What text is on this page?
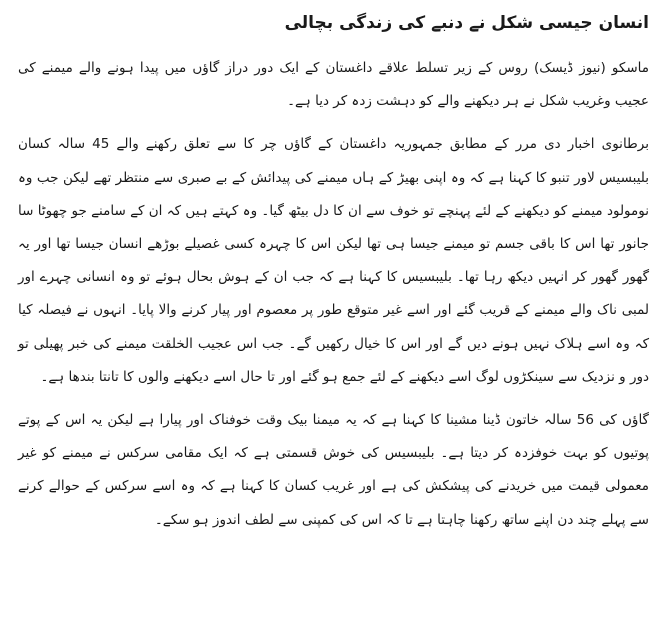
انسان جیسی شکل نے دنبے کی زندگی بچالی

ماسکو (نیوز ڈیسک) روس کے زیر تسلط علاقے داغستان کے ایک دور دراز گاؤں میں پیدا ہونے والے میمنے کی عجیب وغریب شکل نے ہر دیکھنے والے کو دہشت زدہ کر دیا ہے۔

برطانوی اخبار دی مرر کے مطابق جمہوریہ داغستان کے گاؤں چر کا سے تعلق رکھنے والے 45 سالہ کسان بلیبسیس لاور تنبو کا کہنا ہے کہ وہ اپنی بھیڑ کے ہاں میمنے کی پیدائش کے بے صبری سے منتظر تھے لیکن جب وہ نومولود میمنے کو دیکھنے کے لئے پہنچے تو خوف سے ان کا دل بیٹھ گیا۔ وہ کہتے ہیں کہ ان کے سامنے جو چھوٹا سا جانور تھا اس کا باقی جسم تو میمنے جیسا ہی تھا لیکن اس کا چہرہ کسی غصیلے بوڑھے انسان جیسا تھا اور یہ گھور گھور کر انہیں دیکھ رہا تھا۔ بلیبسیس کا کہنا ہے کہ جب ان کے ہوش بحال ہوئے تو وہ انسانی چہرے اور لمبی ناک والے میمنے کے قریب گئے اور اسے غیر متوقع طور پر معصوم اور پیار کرنے والا پایا۔ انہوں نے فیصلہ کیا کہ وہ اسے ہلاک نہیں ہونے دیں گے اور اس کا خیال رکھیں گے۔ جب اس عجیب الخلقت میمنے کی خبر پھیلی تو دور و نزدیک سے سینکڑوں لوگ اسے دیکھنے کے لئے جمع ہو گئے اور تا حال اسے دیکھنے والوں کا تانتا بندھا ہے۔

گاؤں کی 56 سالہ خاتون ڈینا مشینا کا کہنا ہے کہ یہ میمنا بیک وقت خوفناک اور پیارا ہے لیکن یہ اس کے پوتے پوتیوں کو بہت خوفزدہ کر دیتا ہے۔ بلیبسیس کی خوش قسمتی ہے کہ ایک مقامی سرکس نے میمنے کو غیر معمولی قیمت میں خریدنے کی پیشکش کی ہے اور غریب کسان کا کہنا ہے کہ وہ اسے سرکس کے حوالے کرنے سے پہلے چند دن اپنے ساتھ رکھنا چاہتا ہے تا کہ اس کی کمپنی سے لطف اندوز ہو سکے۔
